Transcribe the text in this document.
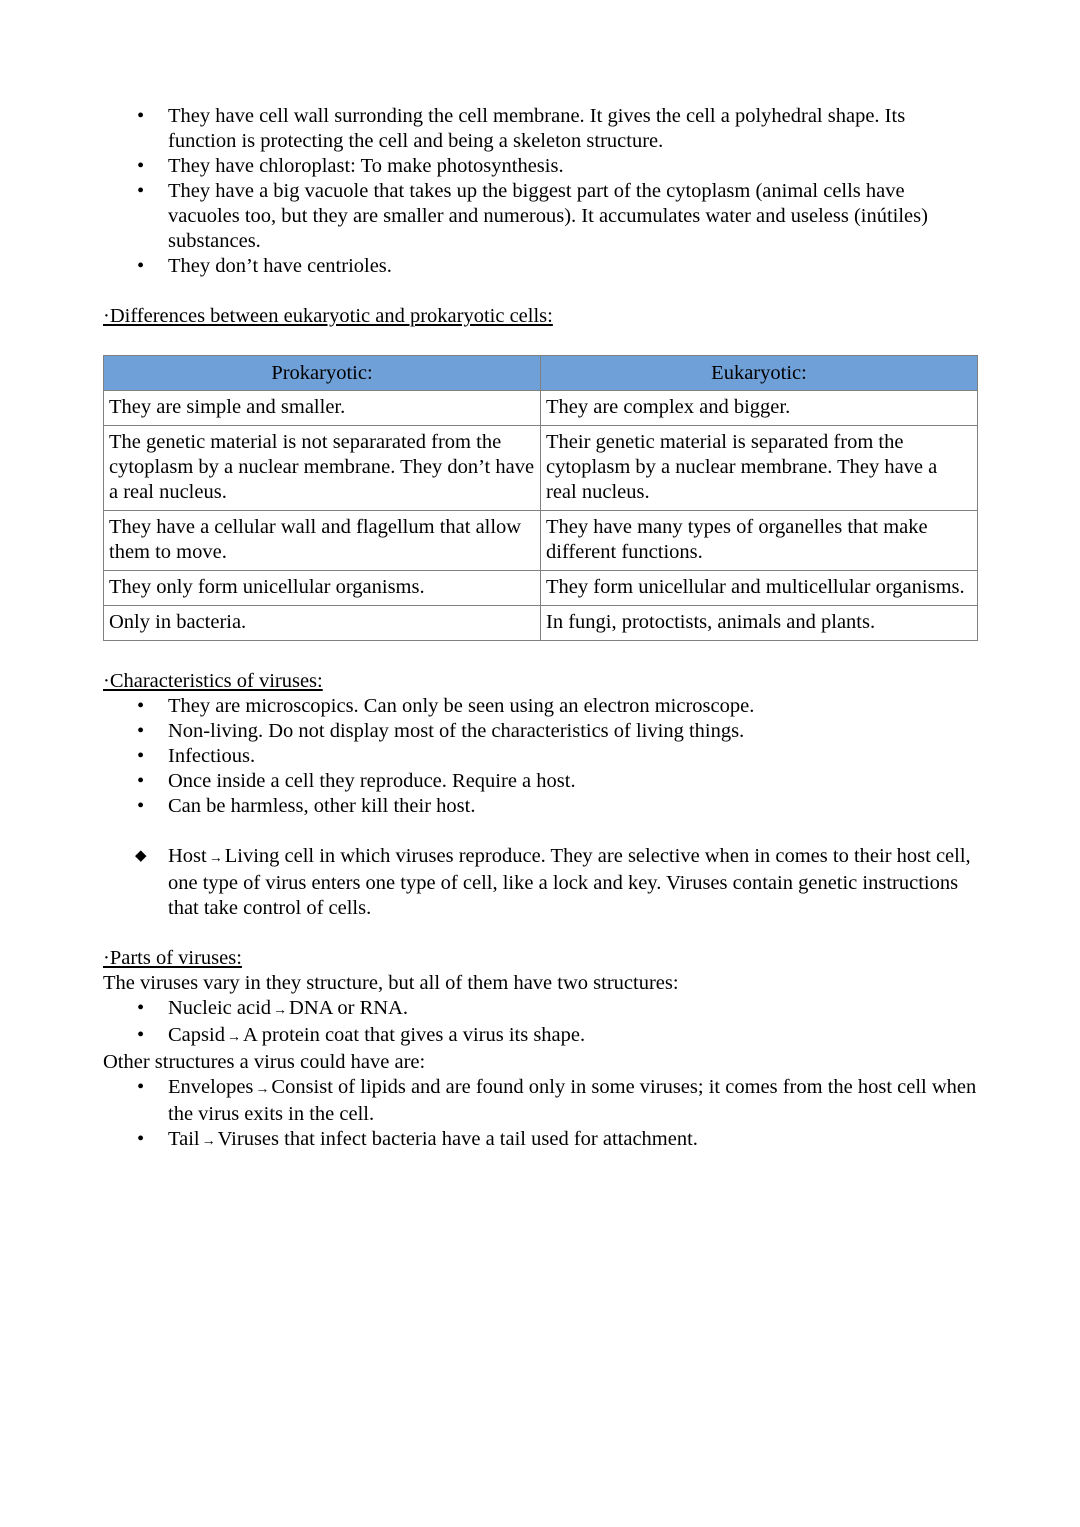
• They have cell wall surronding the cell membrane. It gives the cell a polyhedral shape. Its function is protecting the cell and being a skeleton structure.
• They have chloroplast: To make photosynthesis.
• They have a big vacuole that takes up the biggest part of the cytoplasm (animal cells have vacuoles too, but they are smaller and numerous). It accumulates water and useless (inútiles) substances.
• They don’t have centrioles.

·Differences between eukaryotic and prokaryotic cells:

Prokaryotic:	Eukaryotic:
They are simple and smaller.	They are complex and bigger.
The genetic material is not separarated from the cytoplasm by a nuclear membrane. They don’t have a real nucleus.	Their genetic material is separated from the cytoplasm by a nuclear membrane. They have a real nucleus.
They have a cellular wall and flagellum that allow them to move.	They have many types of organelles that make different functions.
They only form unicellular organisms.	They form unicellular and multicellular organisms.
Only in bacteria.	In fungi, protoctists, animals and plants.

·Characteristics of viruses:

• They are microscopics. Can only be seen using an electron microscope.
• Non-living. Do not display most of the characteristics of living things.
• Infectious.
• Once inside a cell they reproduce. Require a host.
• Can be harmless, other kill their host.
◆ Host →Living cell in which viruses reproduce. They are selective when in comes to their host cell, one type of virus enters one type of cell, like a lock and key. Viruses contain genetic instructions that take control of cells.

·Parts of viruses:

The viruses vary in they structure, but all of them have two structures:

• Nucleic acid →DNA or RNA.
• Capsid →A protein coat that gives a virus its shape.

Other structures a virus could have are:

• Envelopes →Consist of lipids and are found only in some viruses; it comes from the host cell when the virus exits in the cell.
• Tail →Viruses that infect bacteria have a tail used for attachment.
